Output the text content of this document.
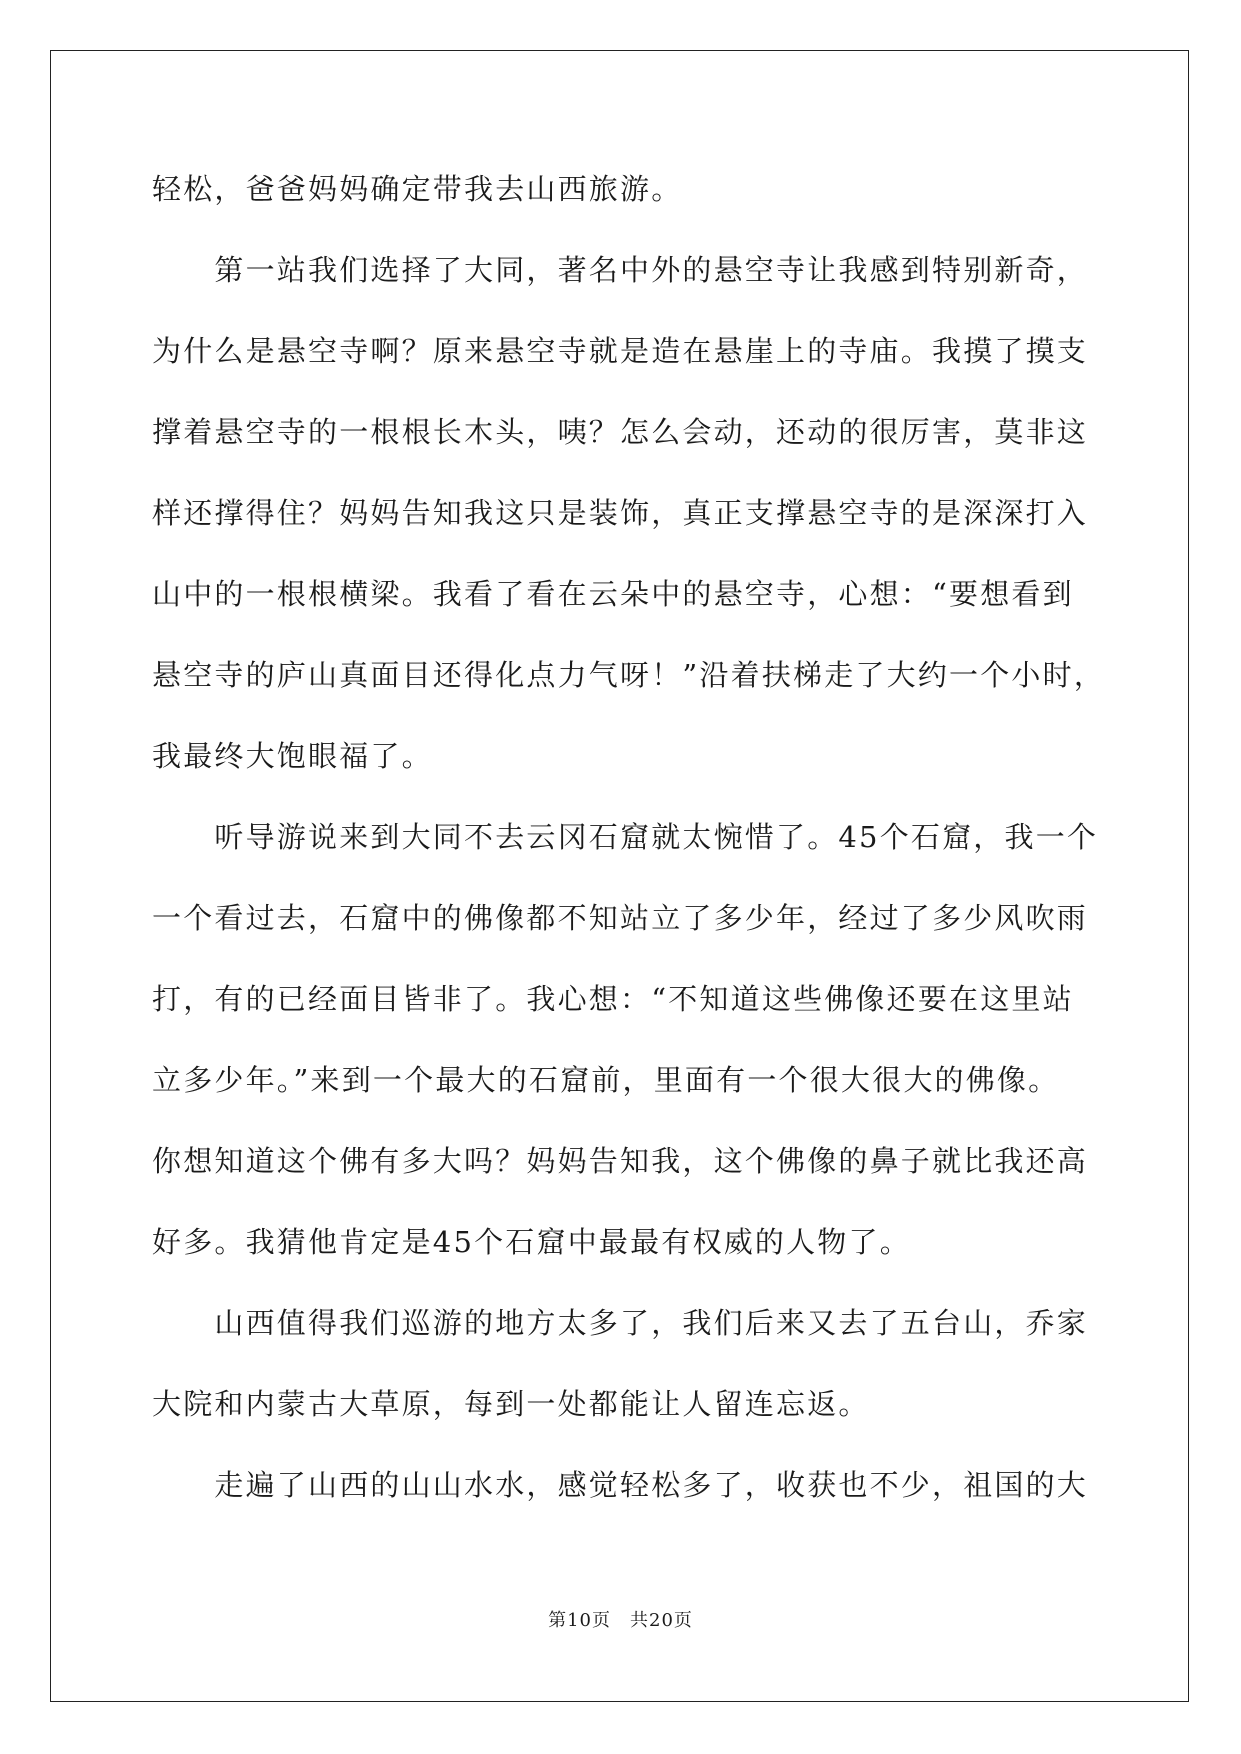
轻松，爸爸妈妈确定带我去山西旅游。
　　第一站我们选择了大同，著名中外的悬空寺让我感到特别新奇，
为什么是悬空寺啊？原来悬空寺就是造在悬崖上的寺庙。我摸了摸支
撑着悬空寺的一根根长木头，咦？怎么会动，还动的很厉害，莫非这
样还撑得住？妈妈告知我这只是装饰，真正支撑悬空寺的是深深打入
山中的一根根横梁。我看了看在云朵中的悬空寺，心想：“要想看到
悬空寺的庐山真面目还得化点力气呀！”沿着扶梯走了大约一个小时，
我最终大饱眼福了。
　　听导游说来到大同不去云冈石窟就太惋惜了。45个石窟，我一个
一个看过去，石窟中的佛像都不知站立了多少年，经过了多少风吹雨
打，有的已经面目皆非了。我心想：“不知道这些佛像还要在这里站
立多少年。”来到一个最大的石窟前，里面有一个很大很大的佛像。
你想知道这个佛有多大吗？妈妈告知我，这个佛像的鼻子就比我还高
好多。我猜他肯定是45个石窟中最最有权威的人物了。
　　山西值得我们巡游的地方太多了，我们后来又去了五台山，乔家
大院和内蒙古大草原，每到一处都能让人留连忘返。
　　走遍了山西的山山水水，感觉轻松多了，收获也不少，祖国的大
第10页　共20页
